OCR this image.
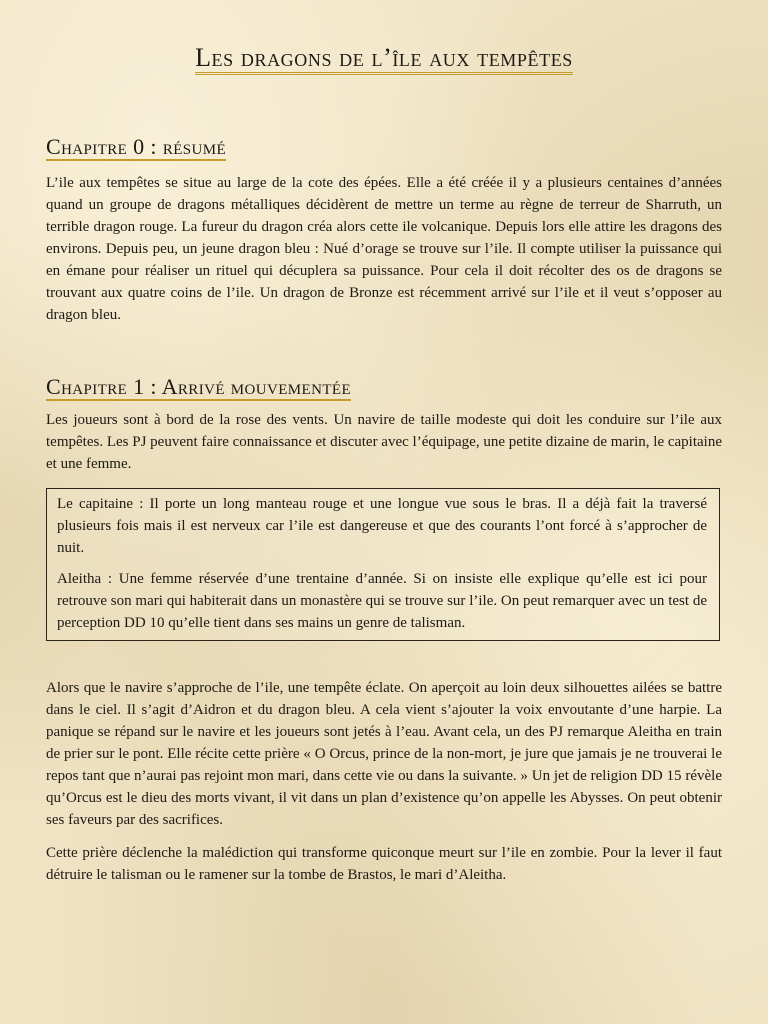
Les dragons de l’île aux tempêtes
Chapitre 0 : résumé

L’ile aux tempêtes se situe au large de la cote des épées. Elle a été créée il y a plusieurs centaines d’années quand un groupe de dragons métalliques décidèrent de mettre un terme au règne de terreur de Sharruth, un terrible dragon rouge. La fureur du dragon créa alors cette ile volcanique. Depuis lors elle attire les dragons des environs. Depuis peu, un jeune dragon bleu : Nué d’orage se trouve sur l’ile. Il compte utiliser la puissance qui en émane pour réaliser un rituel qui décuplera sa puissance. Pour cela il doit récolter des os de dragons se trouvant aux quatre coins de l’ile. Un dragon de Bronze est récemment arrivé sur l’ile et il veut s’opposer au dragon bleu.

Chapitre 1 : Arrivé mouvementée

Les joueurs sont à bord de la rose des vents. Un navire de taille modeste qui doit les conduire sur l’ile aux tempêtes. Les PJ peuvent faire connaissance et discuter avec l’équipage, une petite dizaine de marin, le capitaine et une femme.

Le capitaine : Il porte un long manteau rouge et une longue vue sous le bras. Il a déjà fait la traversé plusieurs fois mais il est nerveux car l’ile est dangereuse et que des courants l’ont forcé à s’approcher de nuit.

Aleitha : Une femme réservée d’une trentaine d’année. Si on insiste elle explique qu’elle est ici pour retrouve son mari qui habiterait dans un monastère qui se trouve sur l’ile. On peut remarquer avec un test de perception DD 10 qu’elle tient dans ses mains un genre de talisman.

Alors que le navire s’approche de l’ile, une tempête éclate. On aperçoit au loin deux silhouettes ailées se battre dans le ciel. Il s’agit d’Aidron et du dragon bleu. A cela vient s’ajouter la voix envoutante d’une harpie. La panique se répand sur le navire et les joueurs sont jetés à l’eau. Avant cela, un des PJ remarque Aleitha en train de prier sur le pont. Elle récite cette prière « O Orcus, prince de la non-mort, je jure que jamais je ne trouverai le repos tant que n’aurai pas rejoint mon mari, dans cette vie ou dans la suivante. » Un jet de religion DD 15 révèle qu’Orcus est le dieu des morts vivant, il vit dans un plan d’existence qu’on appelle les Abysses. On peut obtenir ses faveurs par des sacrifices.

Cette prière déclenche la malédiction qui transforme quiconque meurt sur l’ile en zombie. Pour la lever il faut détruire le talisman ou le ramener sur la tombe de Brastos, le mari d’Aleitha.
